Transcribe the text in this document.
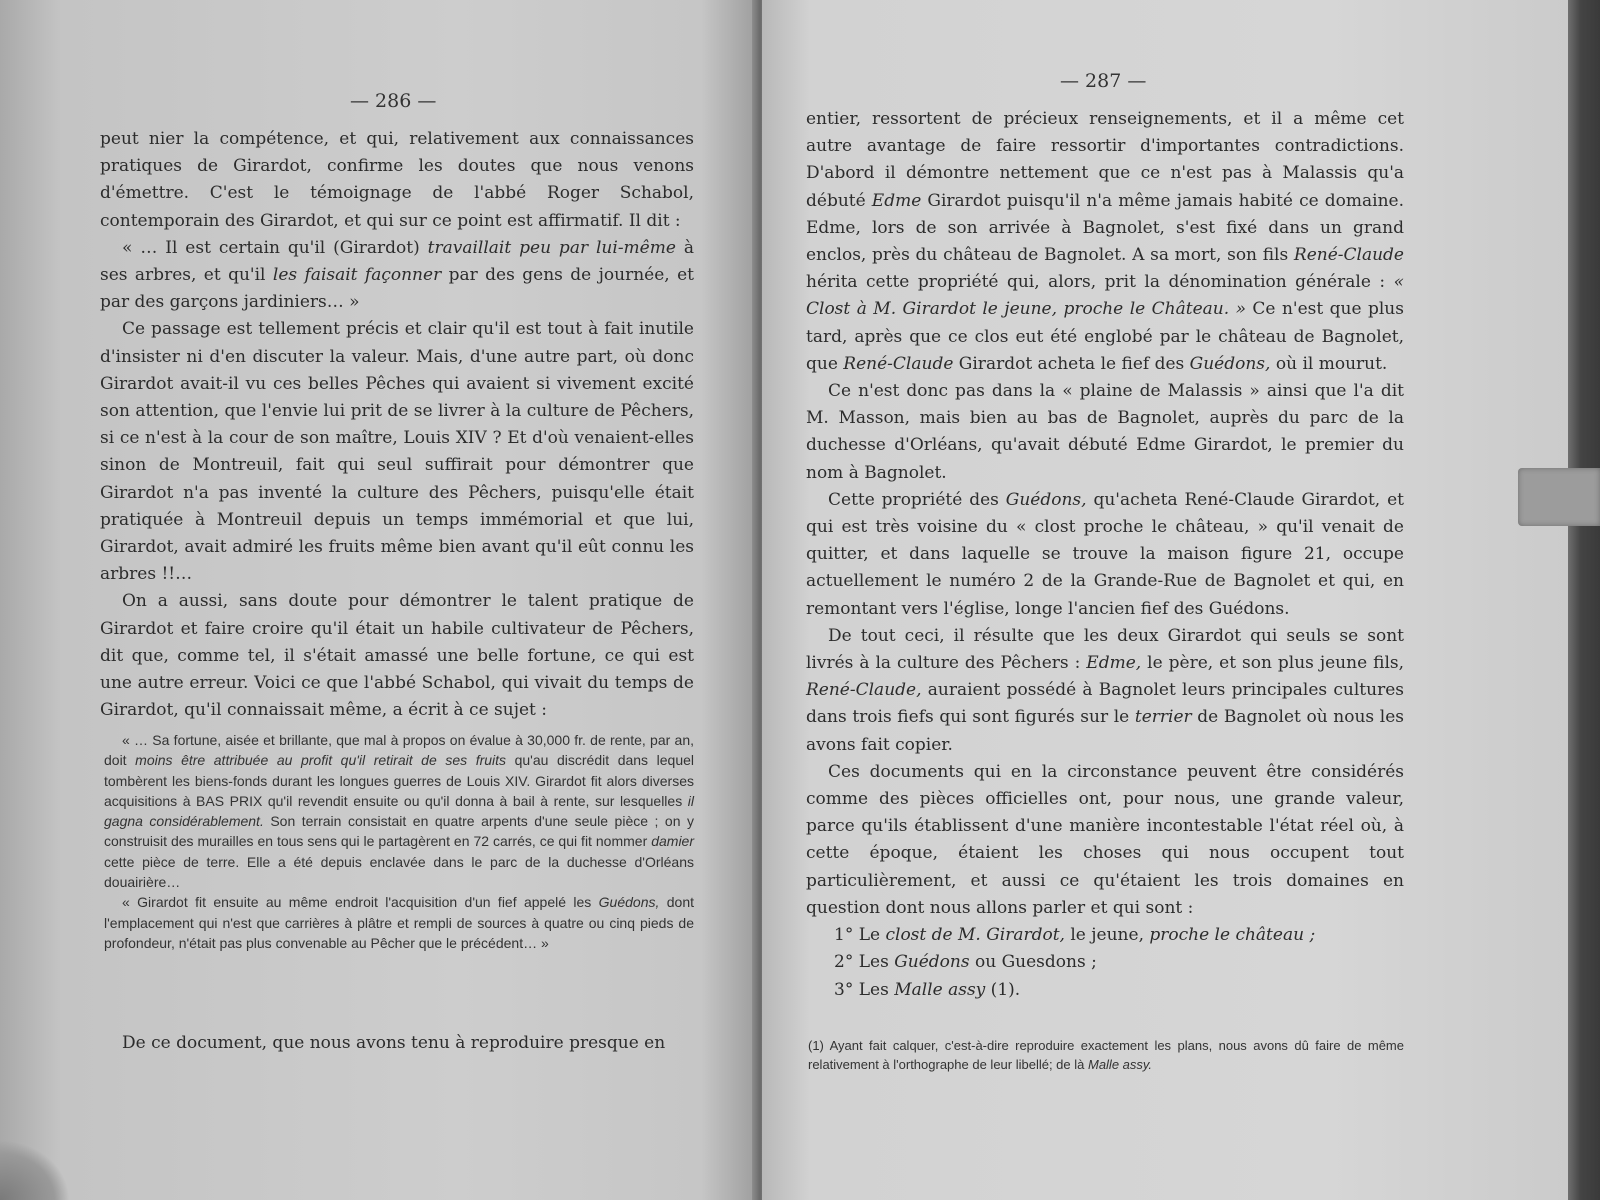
— 286 —

peut nier la compétence, et qui, relativement aux connaissances pratiques de Girardot, confirme les doutes que nous venons d'émettre. C'est le témoignage de l'abbé Roger Schabol, contemporain des Girardot, et qui sur ce point est affirmatif. Il dit :

« … Il est certain qu'il (Girardot) travaillait peu par lui-même à ses arbres, et qu'il les faisait façonner par des gens de journée, et par des garçons jardiniers… »

Ce passage est tellement précis et clair qu'il est tout à fait inutile d'insister ni d'en discuter la valeur. Mais, d'une autre part, où donc Girardot avait-il vu ces belles Pêches qui avaient si vivement excité son attention, que l'envie lui prit de se livrer à la culture de Pêchers, si ce n'est à la cour de son maître, Louis XIV ? Et d'où venaient-elles sinon de Montreuil, fait qui seul suffirait pour démontrer que Girardot n'a pas inventé la culture des Pêchers, puisqu'elle était pratiquée à Montreuil depuis un temps immémorial et que lui, Girardot, avait admiré les fruits même bien avant qu'il eût connu les arbres !!…

On a aussi, sans doute pour démontrer le talent pratique de Girardot et faire croire qu'il était un habile cultivateur de Pêchers, dit que, comme tel, il s'était amassé une belle fortune, ce qui est une autre erreur. Voici ce que l'abbé Schabol, qui vivait du temps de Girardot, qu'il connaissait même, a écrit à ce sujet :

« … Sa fortune, aisée et brillante, que mal à propos on évalue à 30,000 fr. de rente, par an, doit moins être attribuée au profit qu'il retirait de ses fruits qu'au discrédit dans lequel tombèrent les biens-fonds durant les longues guerres de Louis XIV. Girardot fit alors diverses acquisitions à BAS PRIX qu'il revendit ensuite ou qu'il donna à bail à rente, sur lesquelles il gagna considérablement. Son terrain consistait en quatre arpents d'une seule pièce ; on y construisit des murailles en tous sens qui le partagèrent en 72 carrés, ce qui fit nommer damier cette pièce de terre. Elle a été depuis enclavée dans le parc de la duchesse d'Orléans douairière…

« Girardot fit ensuite au même endroit l'acquisition d'un fief appelé les Guédons, dont l'emplacement qui n'est que carrières à plâtre et rempli de sources à quatre ou cinq pieds de profondeur, n'était pas plus convenable au Pêcher que le précédent… »

De ce document, que nous avons tenu à reproduire presque en

— 287 —

entier, ressortent de précieux renseignements, et il a même cet autre avantage de faire ressortir d'importantes contradictions. D'abord il démontre nettement que ce n'est pas à Malassis qu'a débuté Edme Girardot puisqu'il n'a même jamais habité ce domaine. Edme, lors de son arrivée à Bagnolet, s'est fixé dans un grand enclos, près du château de Bagnolet. A sa mort, son fils René-Claude hérita cette propriété qui, alors, prit la dénomination générale : « Clost à M. Girardot le jeune, proche le Château. » Ce n'est que plus tard, après que ce clos eut été englobé par le château de Bagnolet, que René-Claude Girardot acheta le fief des Guédons, où il mourut.

Ce n'est donc pas dans la « plaine de Malassis » ainsi que l'a dit M. Masson, mais bien au bas de Bagnolet, auprès du parc de la duchesse d'Orléans, qu'avait débuté Edme Girardot, le premier du nom à Bagnolet.

Cette propriété des Guédons, qu'acheta René-Claude Girardot, et qui est très voisine du « clost proche le château, » qu'il venait de quitter, et dans laquelle se trouve la maison figure 21, occupe actuellement le numéro 2 de la Grande-Rue de Bagnolet et qui, en remontant vers l'église, longe l'ancien fief des Guédons.

De tout ceci, il résulte que les deux Girardot qui seuls se sont livrés à la culture des Pêchers : Edme, le père, et son plus jeune fils, René-Claude, auraient possédé à Bagnolet leurs principales cultures dans trois fiefs qui sont figurés sur le terrier de Bagnolet où nous les avons fait copier.

Ces documents qui en la circonstance peuvent être considérés comme des pièces officielles ont, pour nous, une grande valeur, parce qu'ils établissent d'une manière incontestable l'état réel où, à cette époque, étaient les choses qui nous occupent tout particulièrement, et aussi ce qu'étaient les trois domaines en question dont nous allons parler et qui sont :

1° Le clost de M. Girardot, le jeune, proche le château ;

2° Les Guédons ou Guesdons ;

3° Les Malle assy (1).

(1) Ayant fait calquer, c'est-à-dire reproduire exactement les plans, nous avons dû faire de même relativement à l'orthographe de leur libellé; de là Malle assy.
